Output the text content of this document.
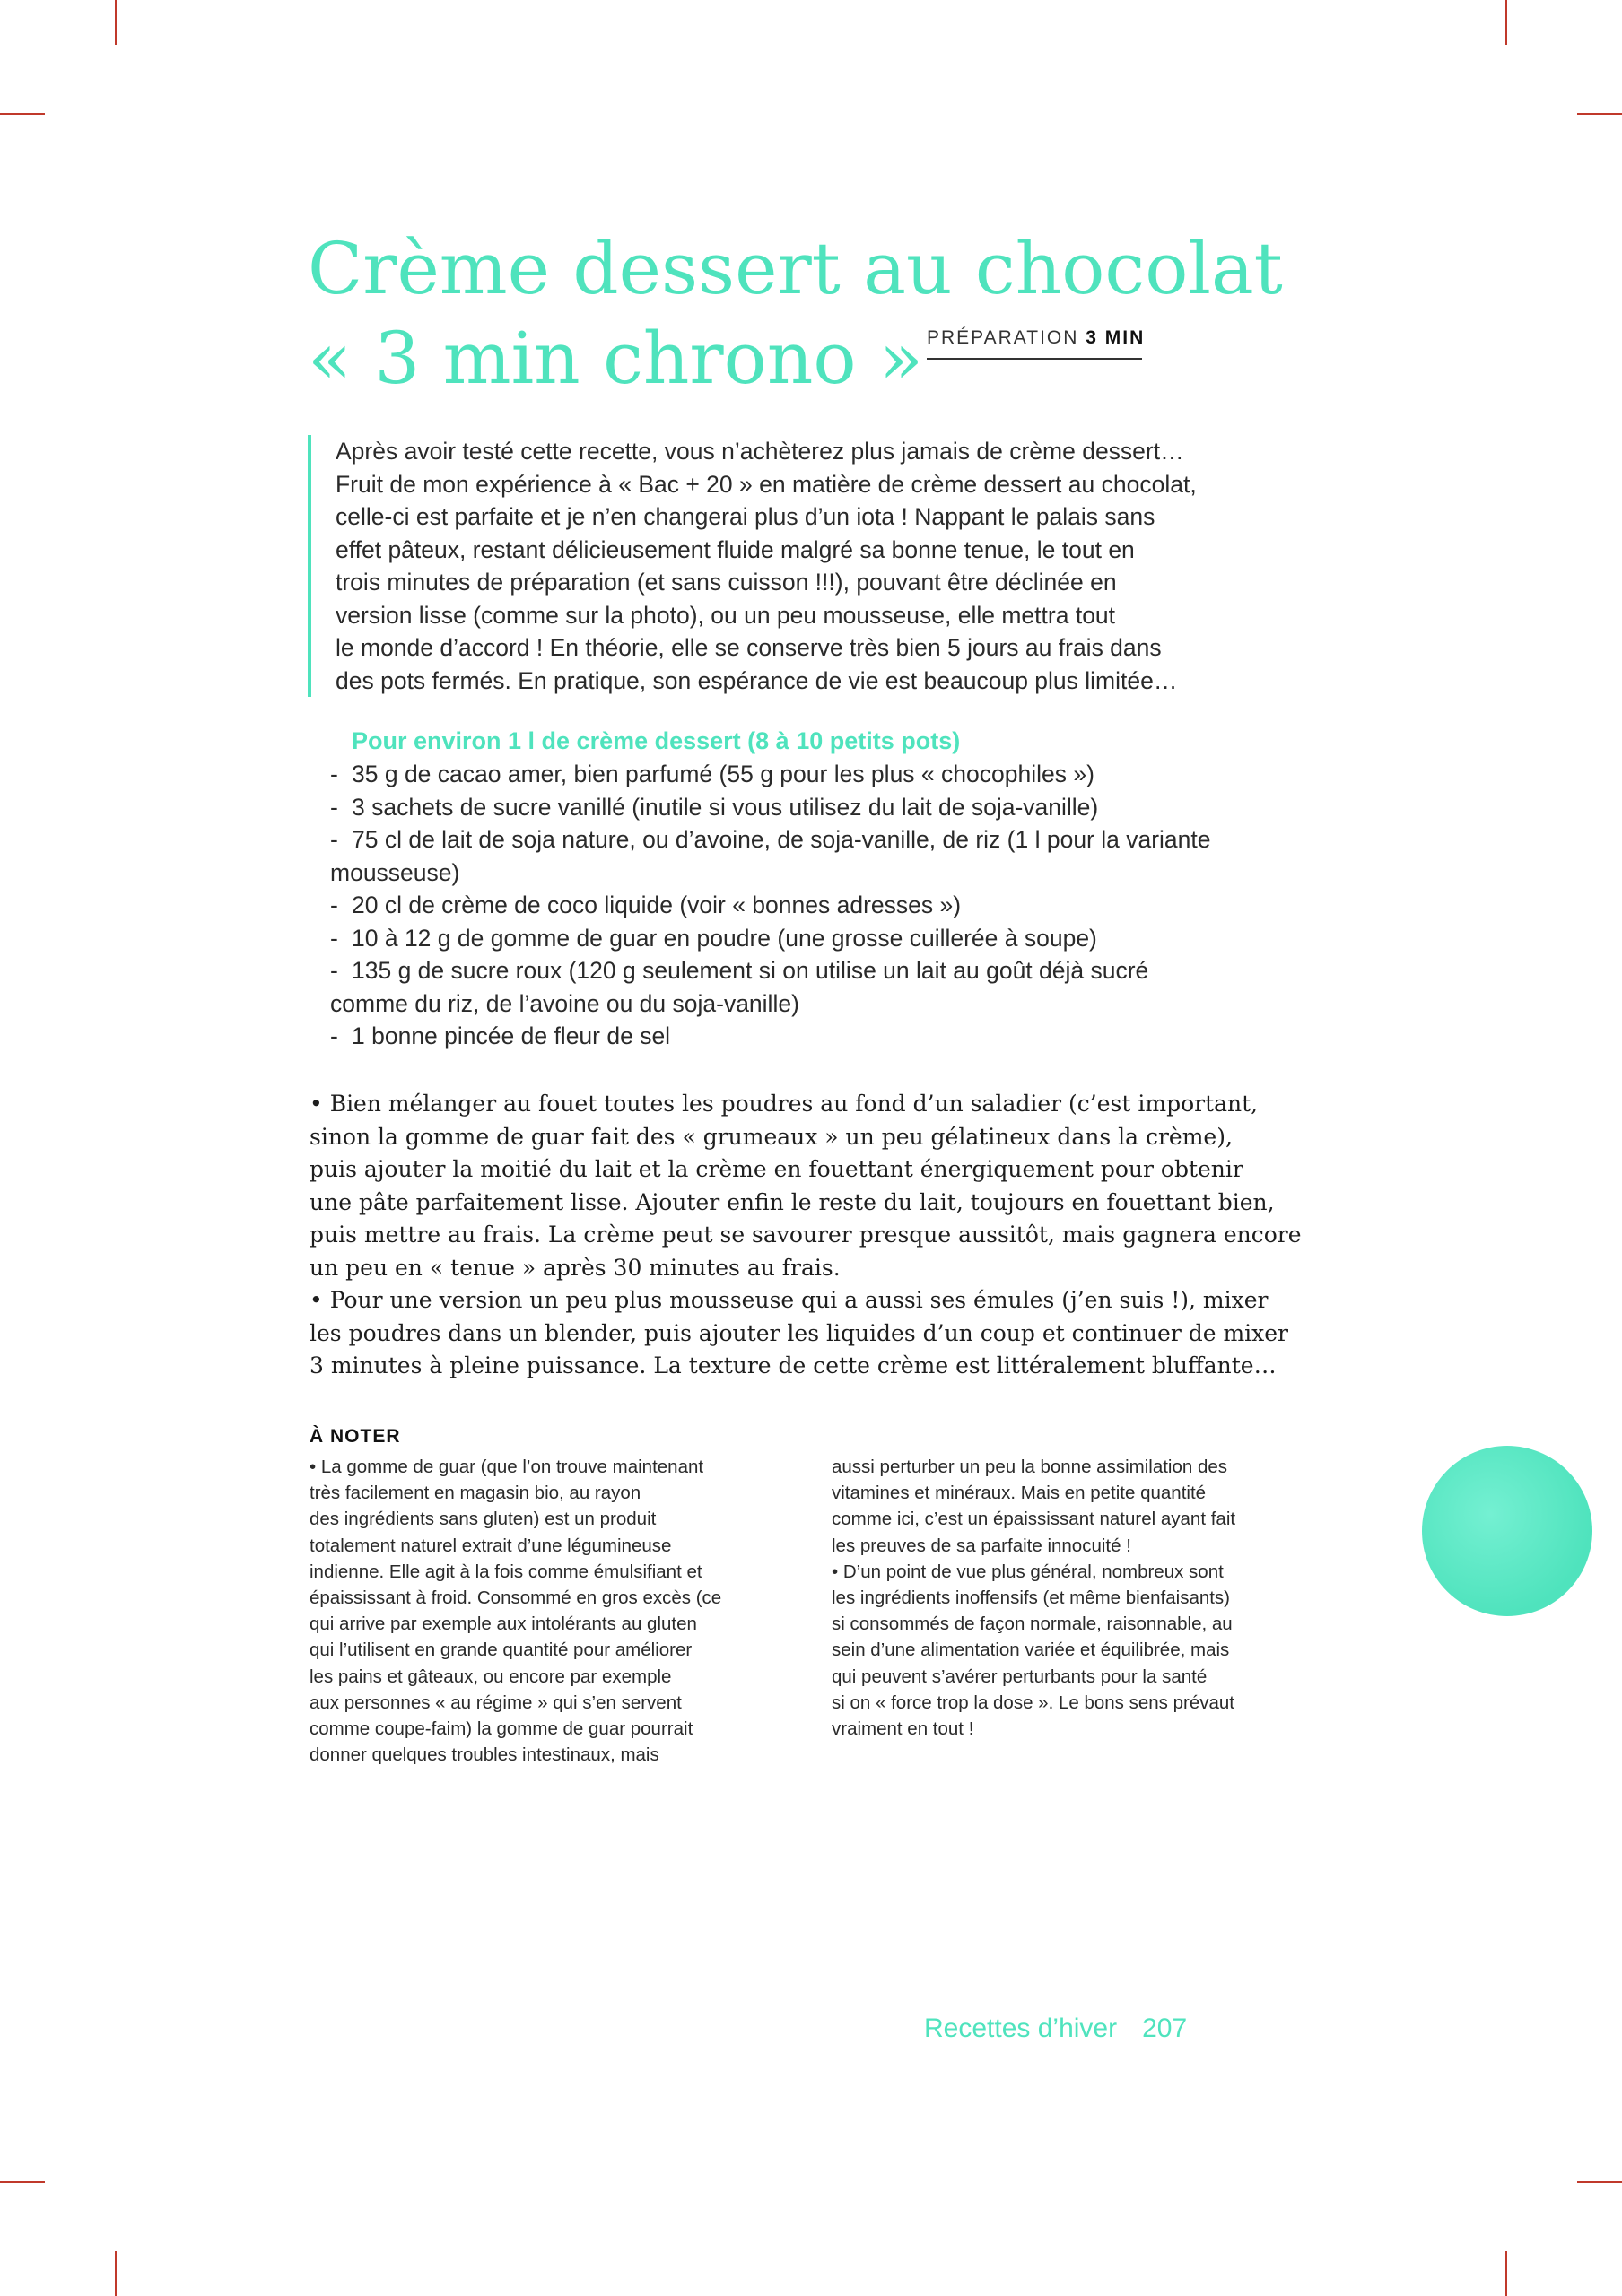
Crème dessert au chocolat
« 3 min chrono » PRÉPARATION 3 MIN
Après avoir testé cette recette, vous n’achèterez plus jamais de crème dessert…
Fruit de mon expérience à « Bac + 20 » en matière de crème dessert au chocolat,
celle-ci est parfaite et je n’en changerai plus d’un iota ! Nappant le palais sans
effet pâteux, restant délicieusement fluide malgré sa bonne tenue, le tout en
trois minutes de préparation (et sans cuisson !!!), pouvant être déclinée en
version lisse (comme sur la photo), ou un peu mousseuse, elle mettra tout
le monde d’accord ! En théorie, elle se conserve très bien 5 jours au frais dans
des pots fermés. En pratique, son espérance de vie est beaucoup plus limitée…
Pour environ 1 l de crème dessert (8 à 10 petits pots)
- 35 g de cacao amer, bien parfumé (55 g pour les plus « chocophiles »)
- 3 sachets de sucre vanillé (inutile si vous utilisez du lait de soja-vanille)
- 75 cl de lait de soja nature, ou d’avoine, de soja-vanille, de riz (1 l pour la variante
mousseuse)
- 20 cl de crème de coco liquide (voir « bonnes adresses »)
- 10 à 12 g de gomme de guar en poudre (une grosse cuillerée à soupe)
- 135 g de sucre roux (120 g seulement si on utilise un lait au goût déjà sucré
comme du riz, de l’avoine ou du soja-vanille)
- 1 bonne pincée de fleur de sel
• Bien mélanger au fouet toutes les poudres au fond d’un saladier (c’est important,
sinon la gomme de guar fait des « grumeaux » un peu gélatineux dans la crème),
puis ajouter la moitié du lait et la crème en fouettant énergiquement pour obtenir
une pâte parfaitement lisse. Ajouter enfin le reste du lait, toujours en fouettant bien,
puis mettre au frais. La crème peut se savourer presque aussitôt, mais gagnera encore
un peu en « tenue » après 30 minutes au frais.
• Pour une version un peu plus mousseuse qui a aussi ses émules (j’en suis !), mixer
les poudres dans un blender, puis ajouter les liquides d’un coup et continuer de mixer
3 minutes à pleine puissance. La texture de cette crème est littéralement bluffante…
À NOTER
• La gomme de guar (que l’on trouve maintenant
très facilement en magasin bio, au rayon
des ingrédients sans gluten) est un produit
totalement naturel extrait d’une légumineuse
indienne. Elle agit à la fois comme émulsifiant et
épaississant à froid. Consommé en gros excès (ce
qui arrive par exemple aux intolérants au gluten
qui l’utilisent en grande quantité pour améliorer
les pains et gâteaux, ou encore par exemple
aux personnes « au régime » qui s’en servent
comme coupe-faim) la gomme de guar pourrait
donner quelques troubles intestinaux, mais
aussi perturber un peu la bonne assimilation des
vitamines et minéraux. Mais en petite quantité
comme ici, c’est un épaississant naturel ayant fait
les preuves de sa parfaite innocuité !
• D’un point de vue plus général, nombreux sont
les ingrédients inoffensifs (et même bienfaisants)
si consommés de façon normale, raisonnable, au
sein d’une alimentation variée et équilibrée, mais
qui peuvent s’avérer perturbants pour la santé
si on « force trop la dose ». Le bons sens prévaut
vraiment en tout !
Recettes d’hiver 207
